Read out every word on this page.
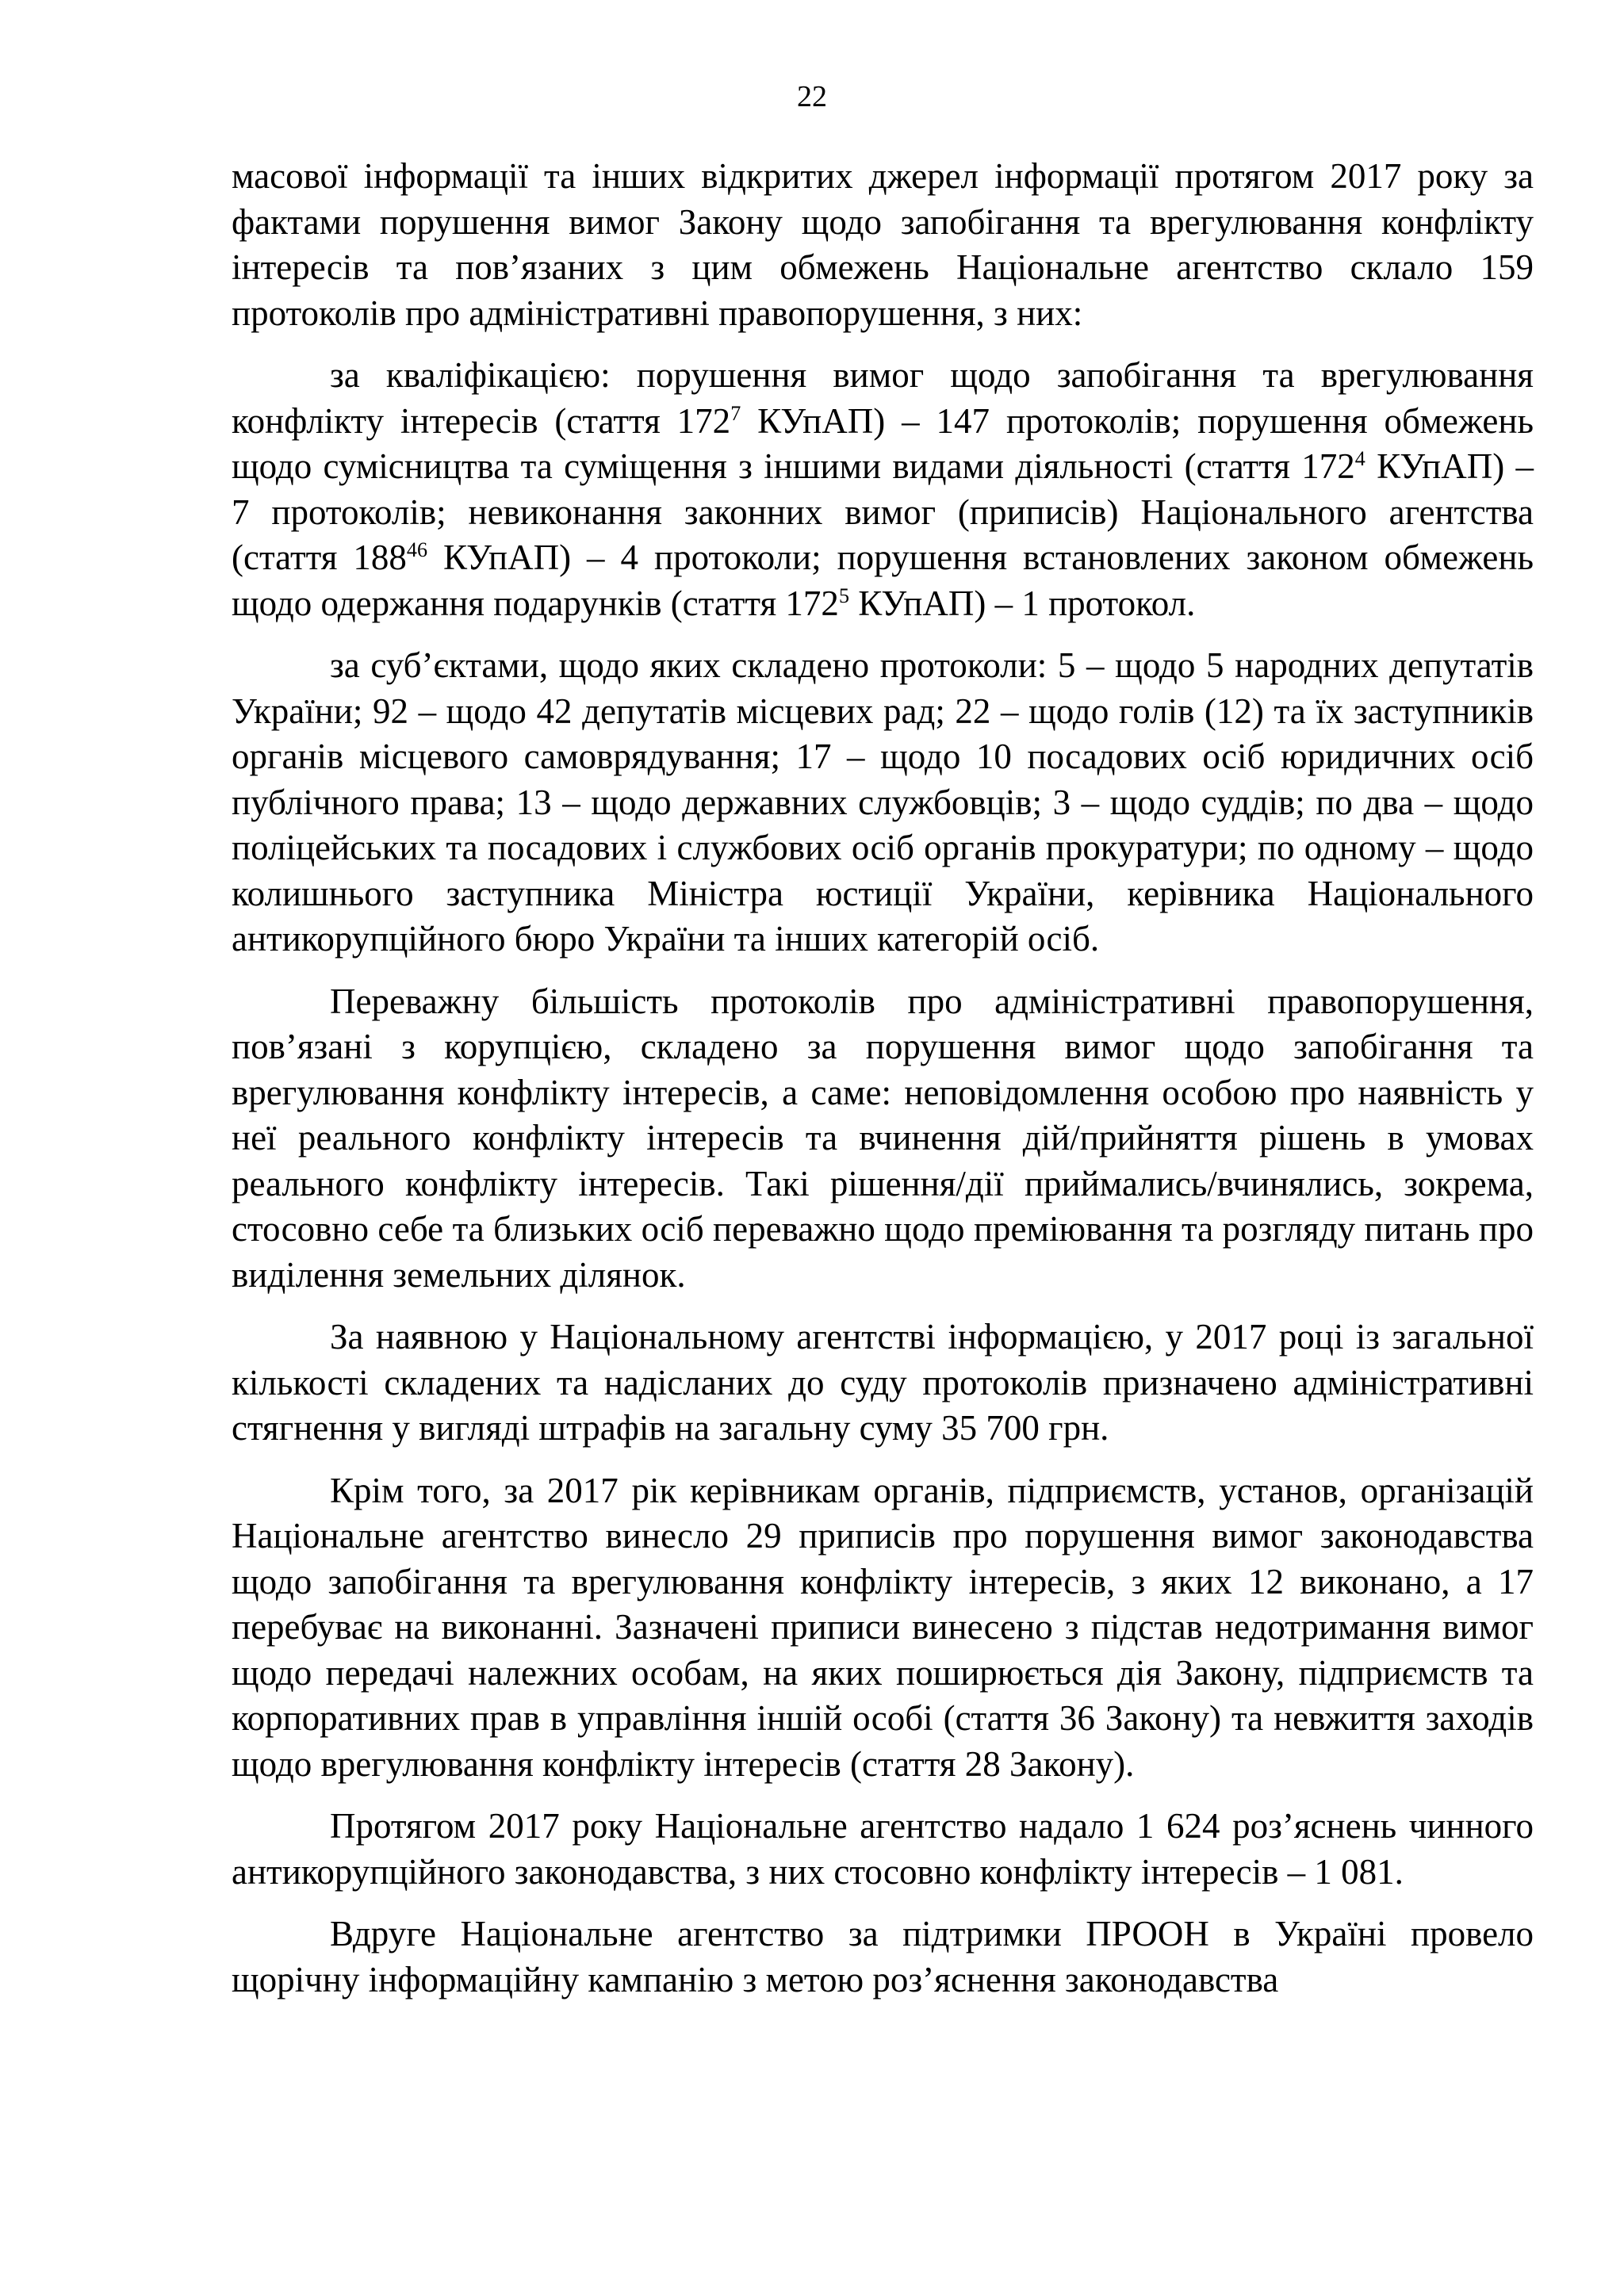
22

масової інформації та інших відкритих джерел інформації протягом 2017 року за фактами порушення вимог Закону щодо запобігання та врегулювання конфлікту інтересів та пов’язаних з цим обмежень Національне агентство склало 159 протоколів про адміністративні правопорушення, з них:

за кваліфікацією: порушення вимог щодо запобігання та врегулювання конфлікту інтересів (стаття $172^7$ КУпАП) – 147 протоколів; порушення обмежень щодо сумісництва та суміщення з іншими видами діяльності (стаття $172^4$ КУпАП) – 7 протоколів; невиконання законних вимог (приписів) Національного агентства (стаття $188^{46}$ КУпАП) – 4 протоколи; порушення встановлених законом обмежень щодо одержання подарунків (стаття $172^5$ КУпАП) – 1 протокол.

за суб’єктами, щодо яких складено протоколи: 5 – щодо 5 народних депутатів України; 92 – щодо 42 депутатів місцевих рад; 22 – щодо голів (12) та їх заступників органів місцевого самоврядування; 17 – щодо 10 посадових осіб юридичних осіб публічного права; 13 – щодо державних службовців; 3 – щодо суддів; по два – щодо поліцейських та посадових і службових осіб органів прокуратури; по одному – щодо колишнього заступника Міністра юстиції України, керівника Національного антикорупційного бюро України та інших категорій осіб.

Переважну більшість протоколів про адміністративні правопорушення, пов’язані з корупцією, складено за порушення вимог щодо запобігання та врегулювання конфлікту інтересів, а саме: неповідомлення особою про наявність у неї реального конфлікту інтересів та вчинення дій/прийняття рішень в умовах реального конфлікту інтересів. Такі рішення/дії приймались/вчинялись, зокрема, стосовно себе та близьких осіб переважно щодо преміювання та розгляду питань про виділення земельних ділянок.

За наявною у Національному агентстві інформацією, у 2017 році із загальної кількості складених та надісланих до суду протоколів призначено адміністративні стягнення у вигляді штрафів на загальну суму 35 700 грн.

Крім того, за 2017 рік керівникам органів, підприємств, установ, організацій Національне агентство винесло 29 приписів про порушення вимог законодавства щодо запобігання та врегулювання конфлікту інтересів, з яких 12 виконано, а 17 перебуває на виконанні. Зазначені приписи винесено з підстав недотримання вимог щодо передачі належних особам, на яких поширюється дія Закону, підприємств та корпоративних прав в управління іншій особі (стаття 36 Закону) та невжиття заходів щодо врегулювання конфлікту інтересів (стаття 28 Закону).

Протягом 2017 року Національне агентство надало 1 624 роз’яснень чинного антикорупційного законодавства, з них стосовно конфлікту інтересів – 1 081.

Вдруге Національне агентство за підтримки ПРООН в Україні провело щорічну інформаційну кампанію з метою роз’яснення законодавства
